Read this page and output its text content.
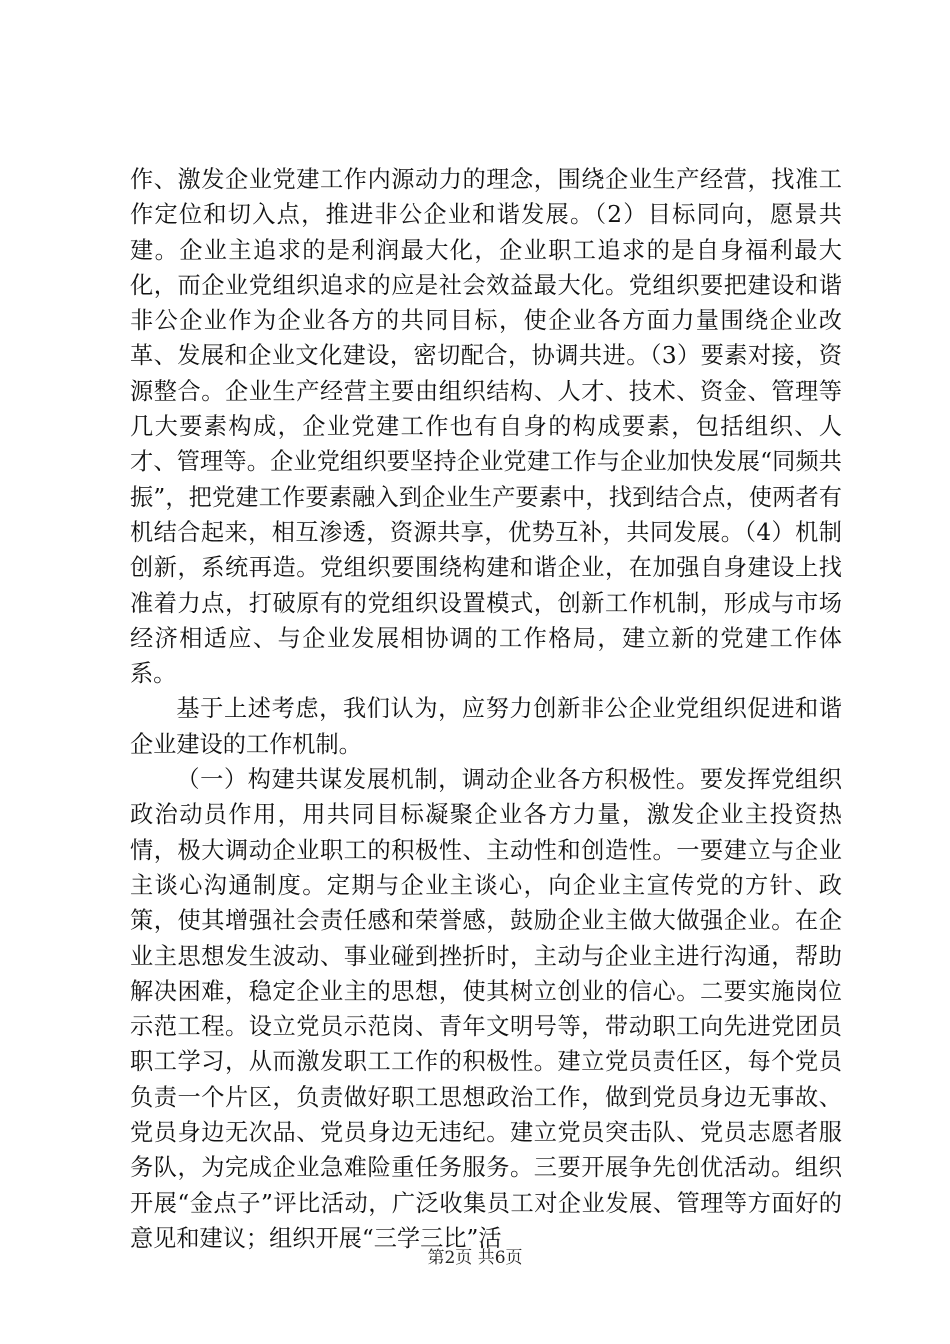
作、激发企业党建工作内源动力的理念，围绕企业生产经营，找准工作定位和切入点，推进非公企业和谐发展。（2）目标同向，愿景共建。企业主追求的是利润最大化，企业职工追求的是自身福利最大化，而企业党组织追求的应是社会效益最大化。党组织要把建设和谐非公企业作为企业各方的共同目标，使企业各方面力量围绕企业改革、发展和企业文化建设，密切配合，协调共进。（3）要素对接，资源整合。企业生产经营主要由组织结构、人才、技术、资金、管理等几大要素构成，企业党建工作也有自身的构成要素，包括组织、人才、管理等。企业党组织要坚持企业党建工作与企业加快发展“同频共振”，把党建工作要素融入到企业生产要素中，找到结合点，使两者有机结合起来，相互渗透，资源共享，优势互补，共同发展。（4）机制创新，系统再造。党组织要围绕构建和谐企业，在加强自身建设上找准着力点，打破原有的党组织设置模式，创新工作机制，形成与市场经济相适应、与企业发展相协调的工作格局，建立新的党建工作体系。

基于上述考虑，我们认为，应努力创新非公企业党组织促进和谐企业建设的工作机制。

（一）构建共谋发展机制，调动企业各方积极性。要发挥党组织政治动员作用，用共同目标凝聚企业各方力量，激发企业主投资热情，极大调动企业职工的积极性、主动性和创造性。一要建立与企业主谈心沟通制度。定期与企业主谈心，向企业主宣传党的方针、政策，使其增强社会责任感和荣誉感，鼓励企业主做大做强企业。在企业主思想发生波动、事业碰到挫折时，主动与企业主进行沟通，帮助解决困难，稳定企业主的思想，使其树立创业的信心。二要实施岗位示范工程。设立党员示范岗、青年文明号等，带动职工向先进党团员职工学习，从而激发职工工作的积极性。建立党员责任区，每个党员负责一个片区，负责做好职工思想政治工作，做到党员身边无事故、党员身边无次品、党员身边无违纪。建立党员突击队、党员志愿者服务队，为完成企业急难险重任务服务。三要开展争先创优活动。组织开展“金点子”评比活动，广泛收集员工对企业发展、管理等方面好的意见和建议；组织开展“三学三比”活

第2页 共6页
